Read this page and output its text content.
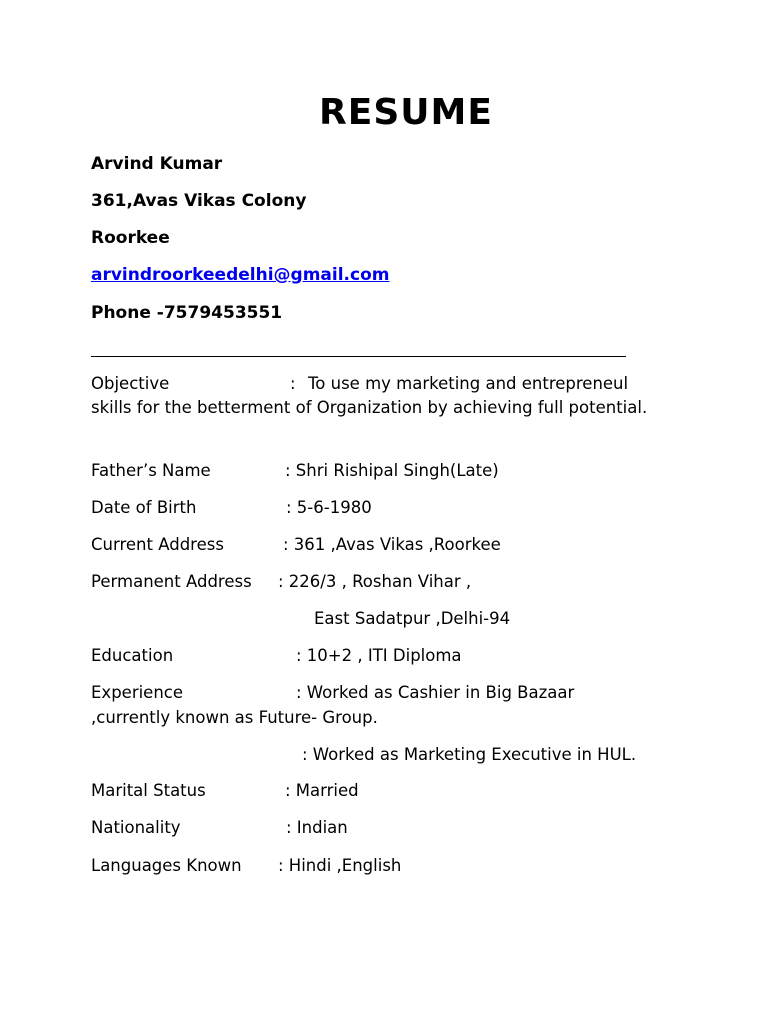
RESUME
Arvind Kumar
361,Avas Vikas Colony
Roorkee
arvindroorkeedelhi@gmail.com
Phone -7579453551
Objective	: To use my marketing and entrepreneul
skills for the betterment of Organization by achieving full potential.
Father’s Name	: Shri Rishipal Singh(Late)
Date of Birth	: 5-6-1980
Current Address	: 361 ,Avas Vikas ,Roorkee
Permanent Address : 226/3 , Roshan Vihar ,
East Sadatpur ,Delhi-94
Education	: 10+2 , ITI Diploma
Experience	: Worked as Cashier in Big Bazaar
,currently known as Future- Group.
: Worked as Marketing Executive in HUL.
Marital Status	: Married
Nationality	: Indian
Languages Known : Hindi ,English
